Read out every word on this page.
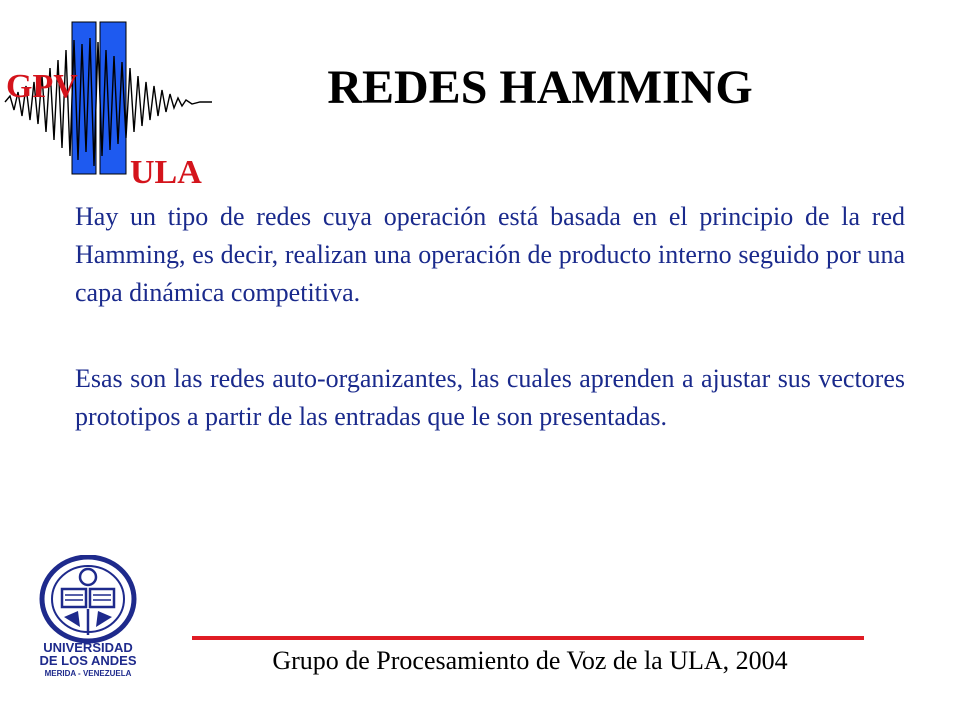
GPV
ULA
REDES HAMMING
Hay un tipo de redes cuya operación está basada en el principio de la red Hamming, es decir, realizan una operación de producto interno seguido por una capa dinámica competitiva.
Esas son las redes auto-organizantes, las cuales aprenden a ajustar sus vectores prototipos a partir de las entradas que le son presentadas.
UNIVERSIDAD
DE LOS ANDES
MERIDA - VENEZUELA	Grupo de Procesamiento de Voz de la ULA, 2004
